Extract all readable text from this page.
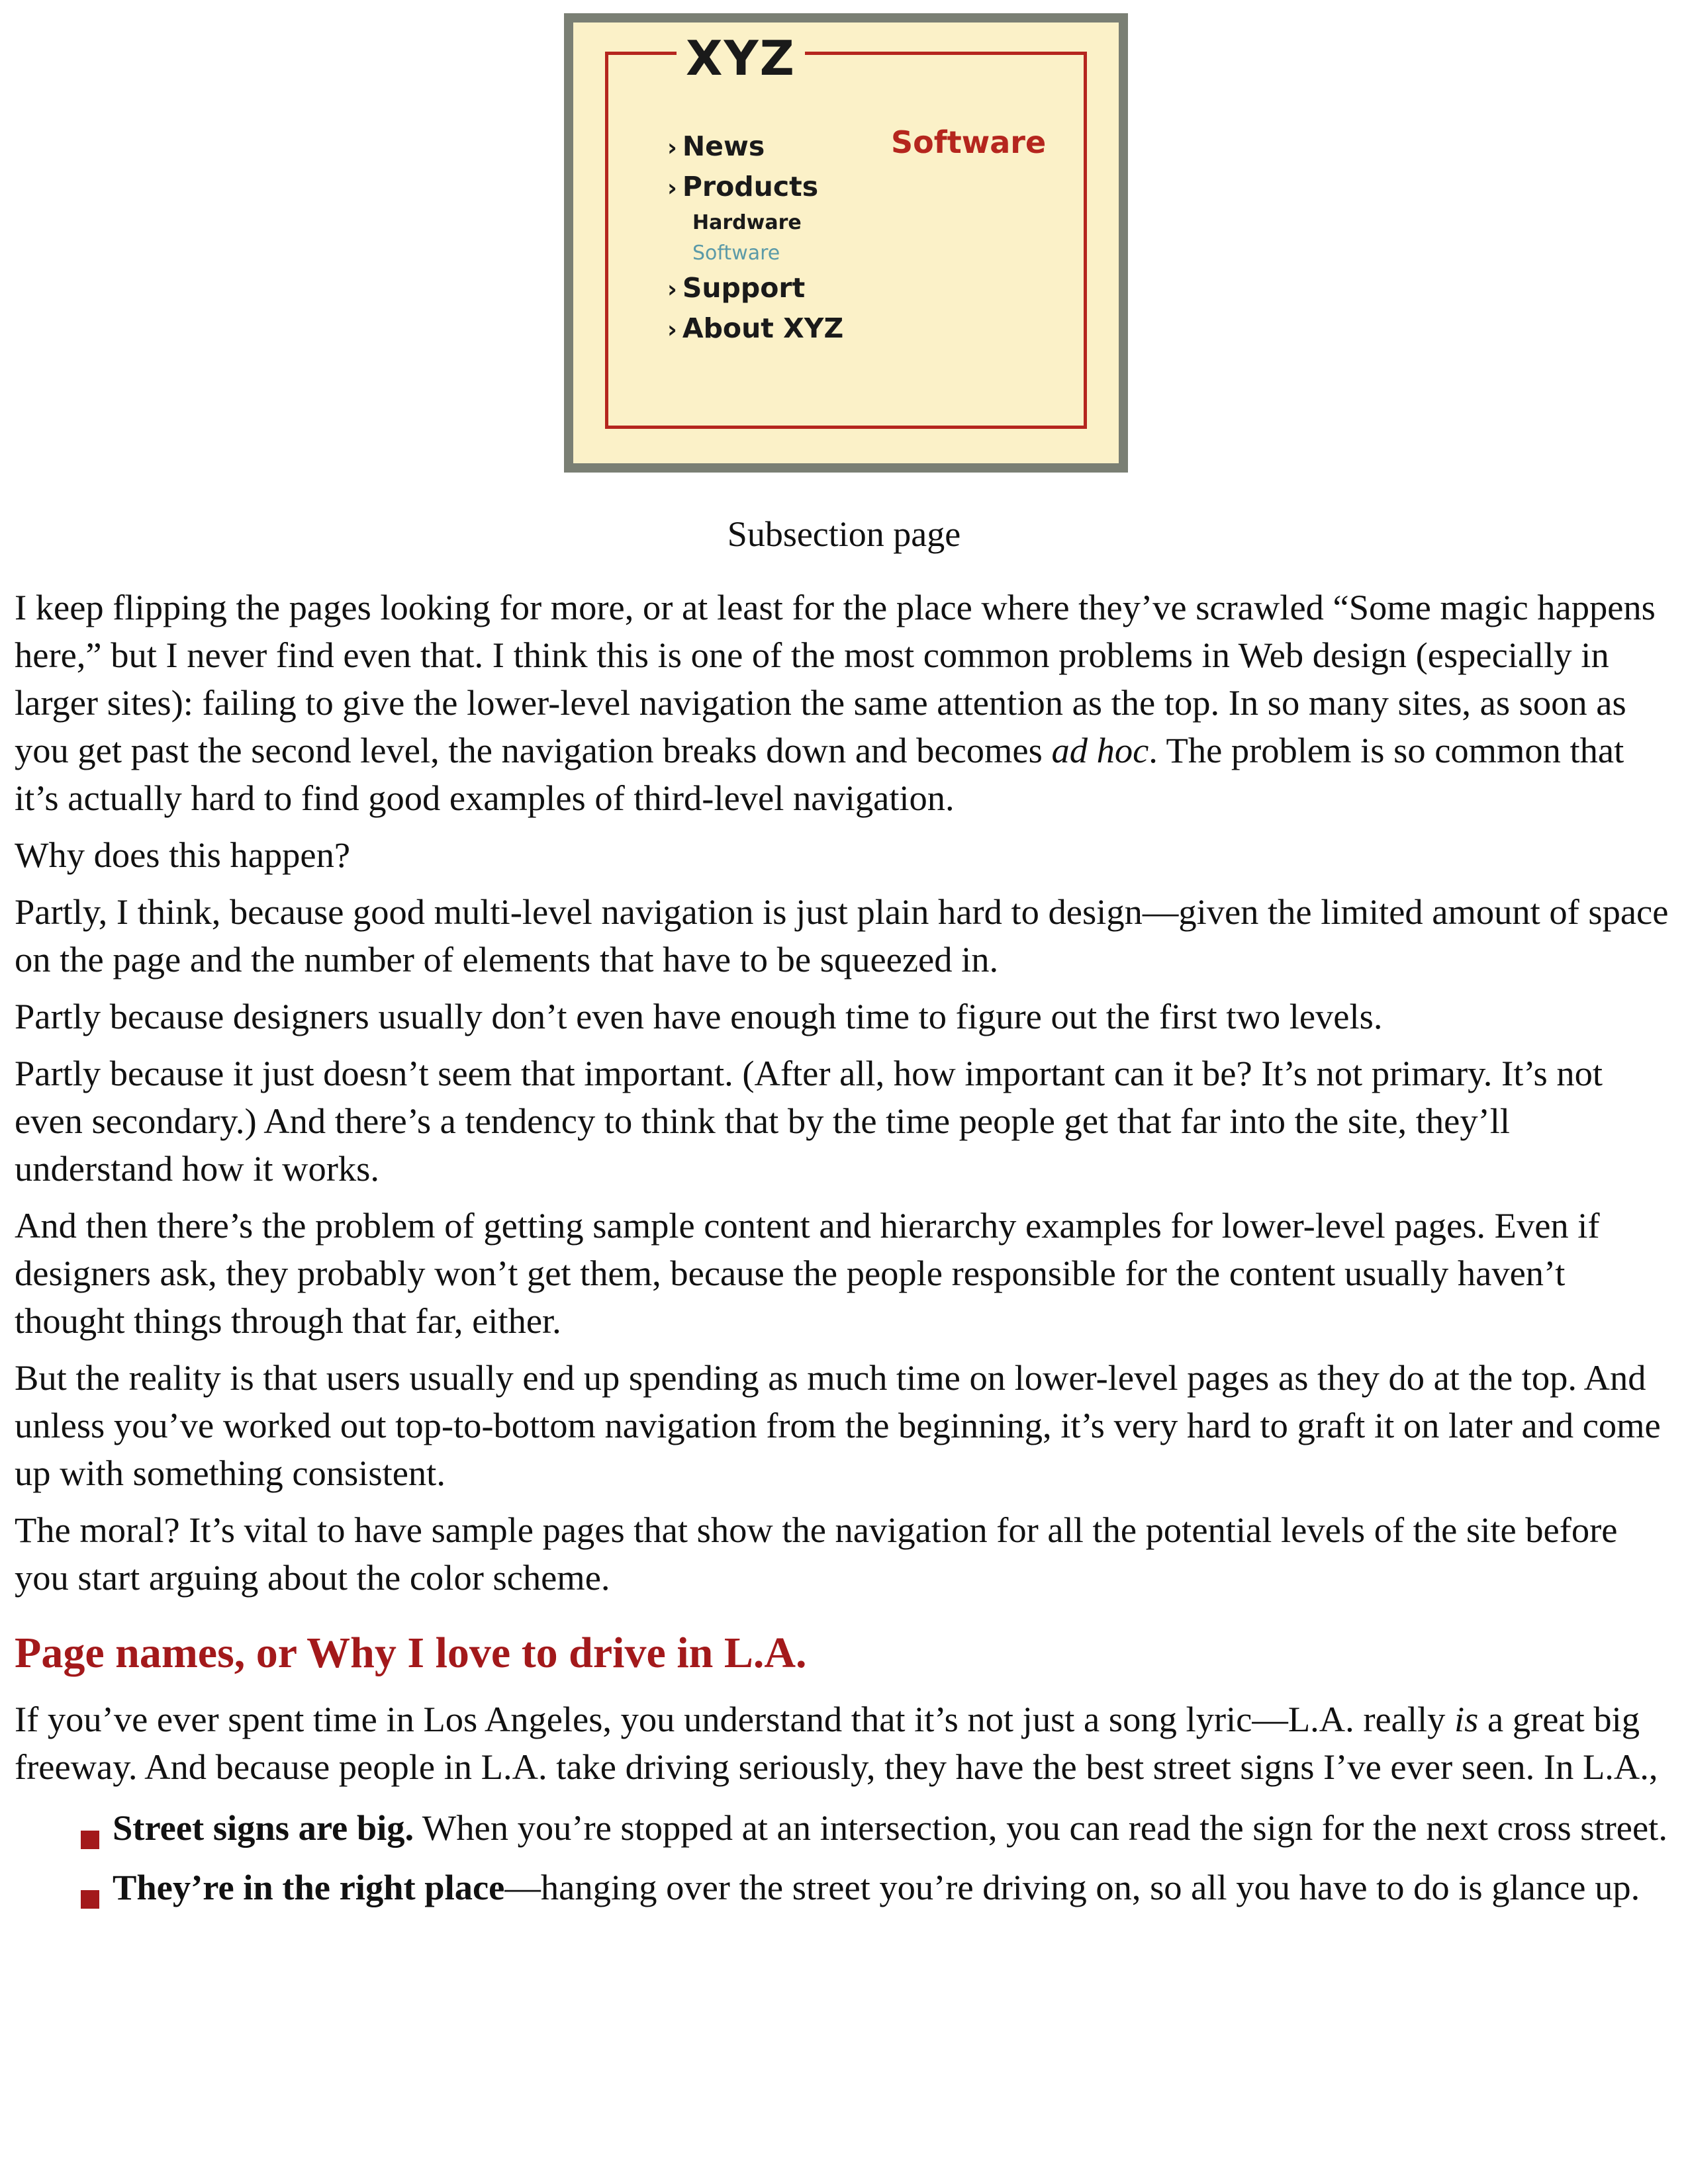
XYZ
› News
› Products
Hardware
Software
› Support
› About XYZ
Software
Subsection page

I keep flipping the pages looking for more, or at least for the place where they’ve scrawled “Some magic happens here,” but I never find even that. I think this is one of the most common problems in Web design (especially in larger sites): failing to give the lower-level navigation the same attention as the top. In so many sites, as soon as you get past the second level, the navigation breaks down and becomes ad hoc. The problem is so common that it’s actually hard to find good examples of third-level navigation.

Why does this happen?

Partly, I think, because good multi-level navigation is just plain hard to design—given the limited amount of space on the page and the number of elements that have to be squeezed in.

Partly because designers usually don’t even have enough time to figure out the first two levels.

Partly because it just doesn’t seem that important. (After all, how important can it be? It’s not primary. It’s not even secondary.) And there’s a tendency to think that by the time people get that far into the site, they’ll understand how it works.

And then there’s the problem of getting sample content and hierarchy examples for lower-level pages. Even if designers ask, they probably won’t get them, because the people responsible for the content usually haven’t thought things through that far, either.

But the reality is that users usually end up spending as much time on lower-level pages as they do at the top. And unless you’ve worked out top-to-bottom navigation from the beginning, it’s very hard to graft it on later and come up with something consistent.

The moral? It’s vital to have sample pages that show the navigation for all the potential levels of the site before you start arguing about the color scheme.

Page names, or Why I love to drive in L.A.

If you’ve ever spent time in Los Angeles, you understand that it’s not just a song lyric—L.A. really is a great big freeway. And because people in L.A. take driving seriously, they have the best street signs I’ve ever seen. In L.A.,

Street signs are big. When you’re stopped at an intersection, you can read the sign for the next cross street.
They’re in the right place—hanging over the street you’re driving on, so all you have to do is glance up.
